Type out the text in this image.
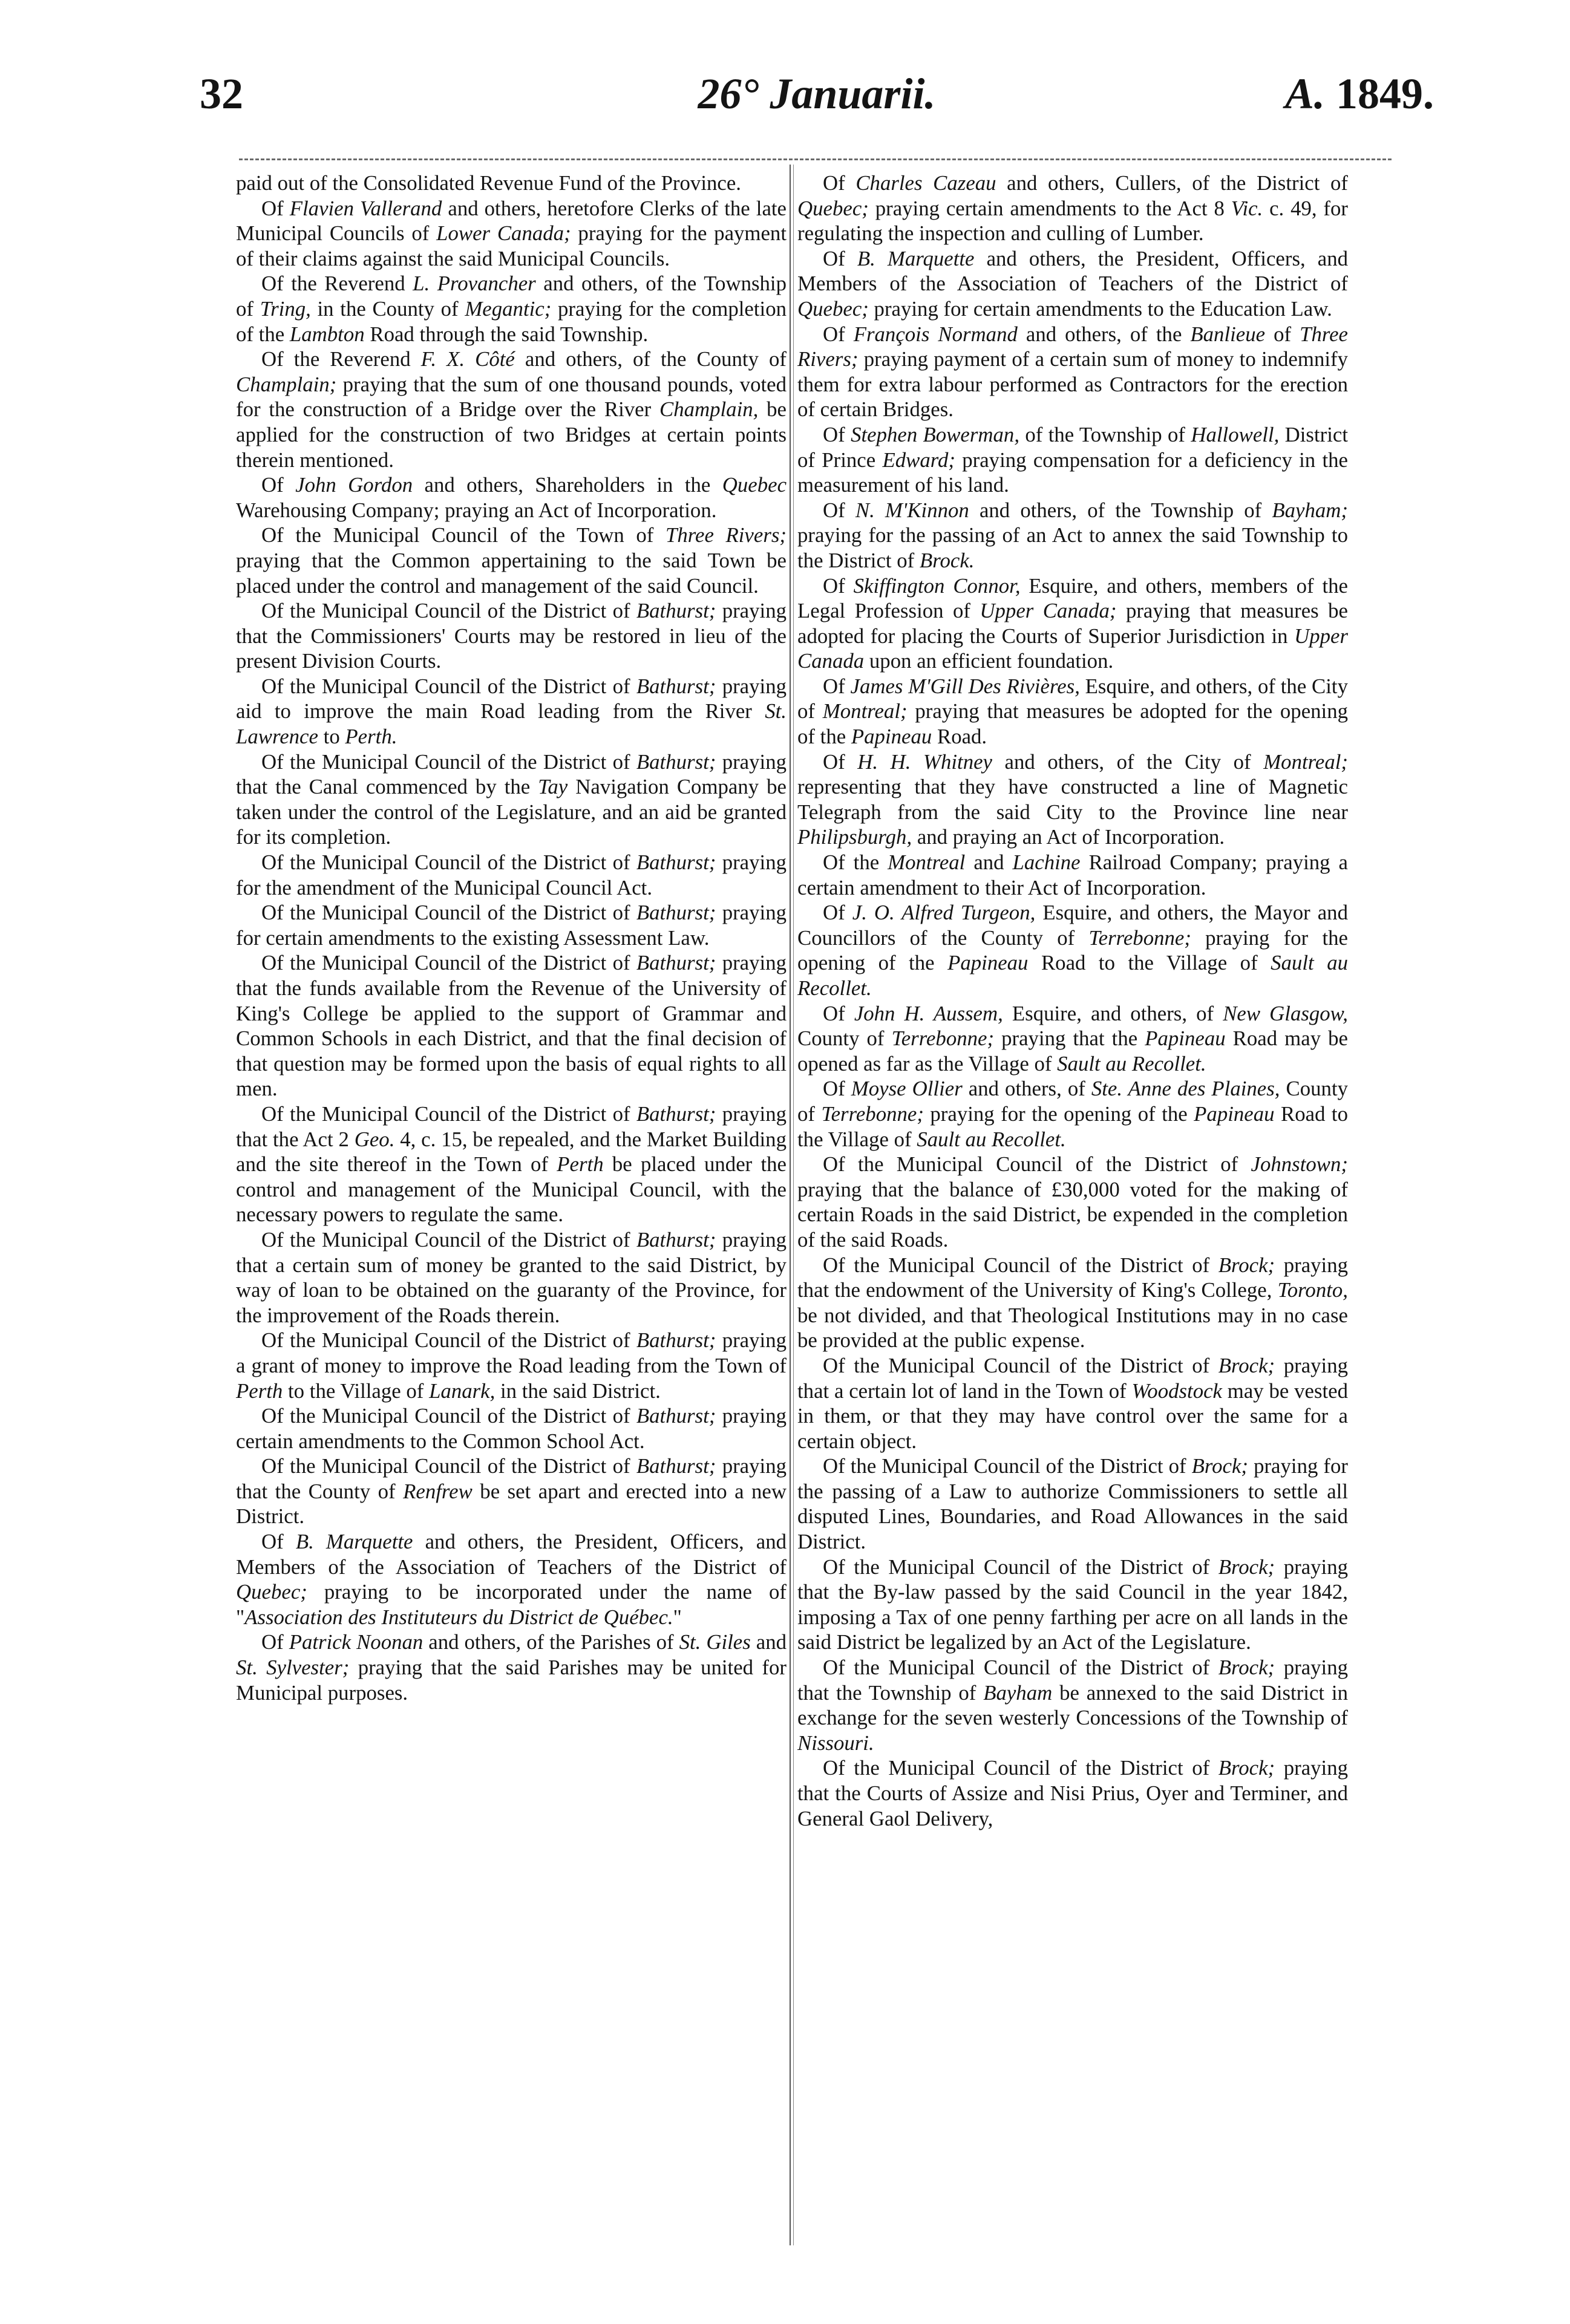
32	26° Januarii.	A. 1849.

paid out of the Consolidated Revenue Fund of the Province.

Of Flavien Vallerand and others, heretofore Clerks of the late Municipal Councils of Lower Canada; praying for the payment of their claims against the said Municipal Councils.

Of the Reverend L. Provancher and others, of the Township of Tring, in the County of Megantic; praying for the completion of the Lambton Road through the said Township.

Of the Reverend F. X. Côté and others, of the County of Champlain; praying that the sum of one thousand pounds, voted for the construction of a Bridge over the River Champlain, be applied for the construction of two Bridges at certain points therein mentioned.

Of John Gordon and others, Shareholders in the Quebec Warehousing Company; praying an Act of Incorporation.

Of the Municipal Council of the Town of Three Rivers; praying that the Common appertaining to the said Town be placed under the control and management of the said Council.

Of the Municipal Council of the District of Bathurst; praying that the Commissioners' Courts may be restored in lieu of the present Division Courts.

Of the Municipal Council of the District of Bathurst; praying aid to improve the main Road leading from the River St. Lawrence to Perth.

Of the Municipal Council of the District of Bathurst; praying that the Canal commenced by the Tay Navigation Company be taken under the control of the Legislature, and an aid be granted for its completion.

Of the Municipal Council of the District of Bathurst; praying for the amendment of the Municipal Council Act.

Of the Municipal Council of the District of Bathurst; praying for certain amendments to the existing Assessment Law.

Of the Municipal Council of the District of Bathurst; praying that the funds available from the Revenue of the University of King's College be applied to the support of Grammar and Common Schools in each District, and that the final decision of that question may be formed upon the basis of equal rights to all men.

Of the Municipal Council of the District of Bathurst; praying that the Act 2 Geo. 4, c. 15, be repealed, and the Market Building and the site thereof in the Town of Perth be placed under the control and management of the Municipal Council, with the necessary powers to regulate the same.

Of the Municipal Council of the District of Bathurst; praying that a certain sum of money be granted to the said District, by way of loan to be obtained on the guaranty of the Province, for the improvement of the Roads therein.

Of the Municipal Council of the District of Bathurst; praying a grant of money to improve the Road leading from the Town of Perth to the Village of Lanark, in the said District.

Of the Municipal Council of the District of Bathurst; praying certain amendments to the Common School Act.

Of the Municipal Council of the District of Bathurst; praying that the County of Renfrew be set apart and erected into a new District.

Of B. Marquette and others, the President, Officers, and Members of the Association of Teachers of the District of Quebec; praying to be incorporated under the name of "Association des Instituteurs du District de Québec."

Of Patrick Noonan and others, of the Parishes of St. Giles and St. Sylvester; praying that the said Parishes may be united for Municipal purposes.

Of Charles Cazeau and others, Cullers, of the District of Quebec; praying certain amendments to the Act 8 Vic. c. 49, for regulating the inspection and culling of Lumber.

Of B. Marquette and others, the President, Officers, and Members of the Association of Teachers of the District of Quebec; praying for certain amendments to the Education Law.

Of François Normand and others, of the Banlieue of Three Rivers; praying payment of a certain sum of money to indemnify them for extra labour performed as Contractors for the erection of certain Bridges.

Of Stephen Bowerman, of the Township of Hallowell, District of Prince Edward; praying compensation for a deficiency in the measurement of his land.

Of N. M'Kinnon and others, of the Township of Bayham; praying for the passing of an Act to annex the said Township to the District of Brock.

Of Skiffington Connor, Esquire, and others, members of the Legal Profession of Upper Canada; praying that measures be adopted for placing the Courts of Superior Jurisdiction in Upper Canada upon an efficient foundation.

Of James M'Gill Des Rivières, Esquire, and others, of the City of Montreal; praying that measures be adopted for the opening of the Papineau Road.

Of H. H. Whitney and others, of the City of Montreal; representing that they have constructed a line of Magnetic Telegraph from the said City to the Province line near Philipsburgh, and praying an Act of Incorporation.

Of the Montreal and Lachine Railroad Company; praying a certain amendment to their Act of Incorporation.

Of J. O. Alfred Turgeon, Esquire, and others, the Mayor and Councillors of the County of Terrebonne; praying for the opening of the Papineau Road to the Village of Sault au Recollet.

Of John H. Aussem, Esquire, and others, of New Glasgow, County of Terrebonne; praying that the Papineau Road may be opened as far as the Village of Sault au Recollet.

Of Moyse Ollier and others, of Ste. Anne des Plaines, County of Terrebonne; praying for the opening of the Papineau Road to the Village of Sault au Recollet.

Of the Municipal Council of the District of Johnstown; praying that the balance of £30,000 voted for the making of certain Roads in the said District, be expended in the completion of the said Roads.

Of the Municipal Council of the District of Brock; praying that the endowment of the University of King's College, Toronto, be not divided, and that Theological Institutions may in no case be provided at the public expense.

Of the Municipal Council of the District of Brock; praying that a certain lot of land in the Town of Woodstock may be vested in them, or that they may have control over the same for a certain object.

Of the Municipal Council of the District of Brock; praying for the passing of a Law to authorize Commissioners to settle all disputed Lines, Boundaries, and Road Allowances in the said District.

Of the Municipal Council of the District of Brock; praying that the By-law passed by the said Council in the year 1842, imposing a Tax of one penny farthing per acre on all lands in the said District be legalized by an Act of the Legislature.

Of the Municipal Council of the District of Brock; praying that the Township of Bayham be annexed to the said District in exchange for the seven westerly Concessions of the Township of Nissouri.

Of the Municipal Council of the District of Brock; praying that the Courts of Assize and Nisi Prius, Oyer and Terminer, and General Gaol Delivery,
